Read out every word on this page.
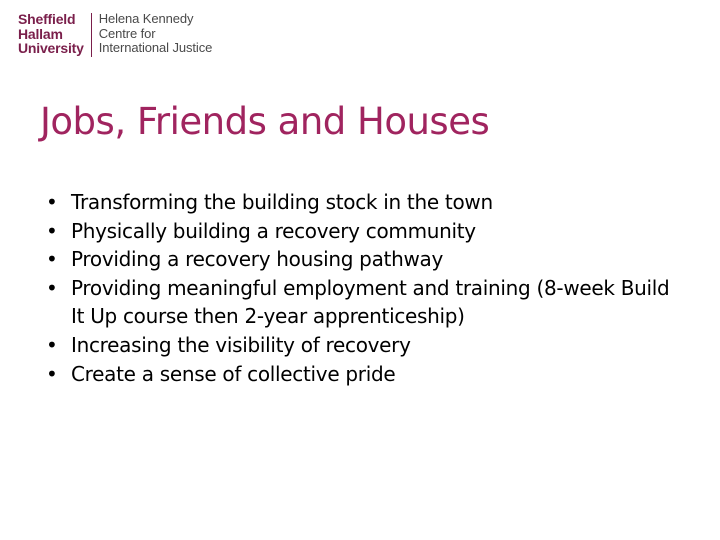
Sheffield
Hallam
University
Helena Kennedy
Centre for
International Justice
Jobs, Friends and Houses
• Transforming the building stock in the town
• Physically building a recovery community
• Providing a recovery housing pathway
• Providing meaningful employment and training (8-week Build It Up course then 2-year apprenticeship)
• Increasing the visibility of recovery
• Create a sense of collective pride
